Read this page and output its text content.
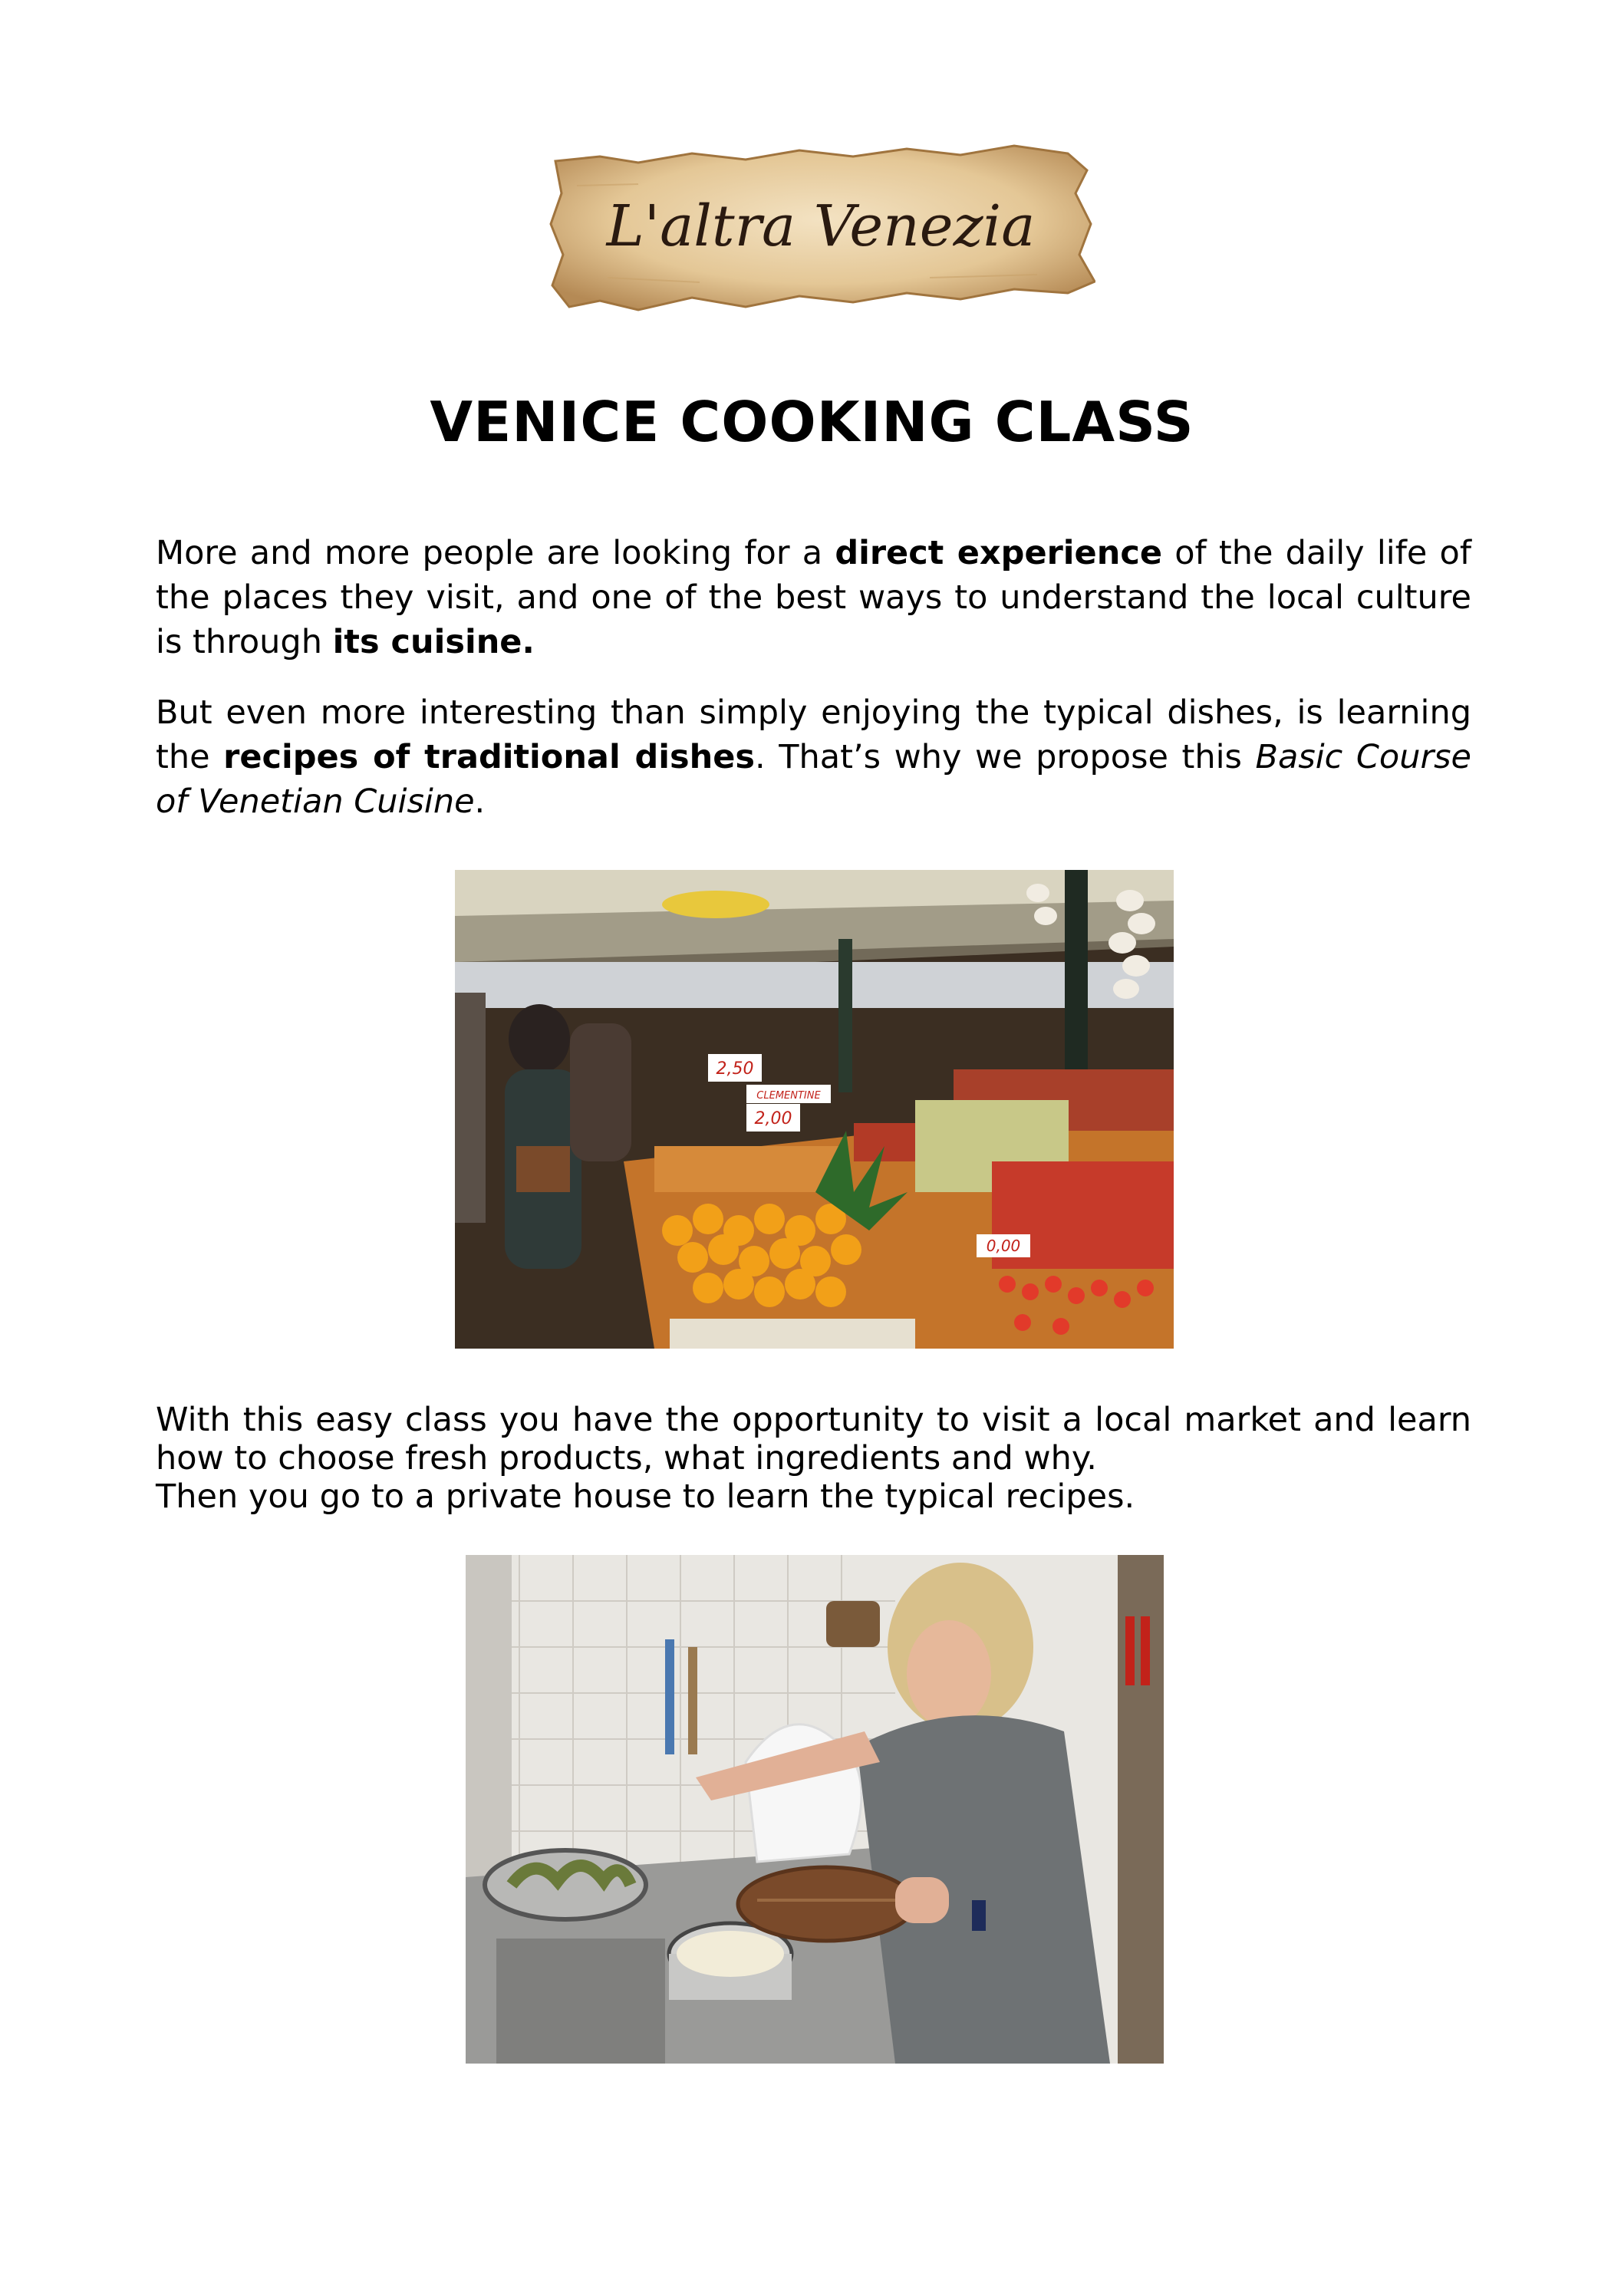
L'altra Venezia
VENICE COOKING CLASS

More and more people are looking for a direct experience of the daily life of the places they visit, and one of the best ways to understand the local culture is through its cuisine.

But even more interesting than simply enjoying the typical dishes, is learning the recipes of traditional dishes. That’s why we propose this Basic Course of Venetian Cuisine.

2,50
2,00
CLEMENTINE
0,00

With this easy class you have the opportunity to visit a local market and learn
how to choose fresh products, what ingredients and why.
Then you go to a private house to learn the typical recipes.
